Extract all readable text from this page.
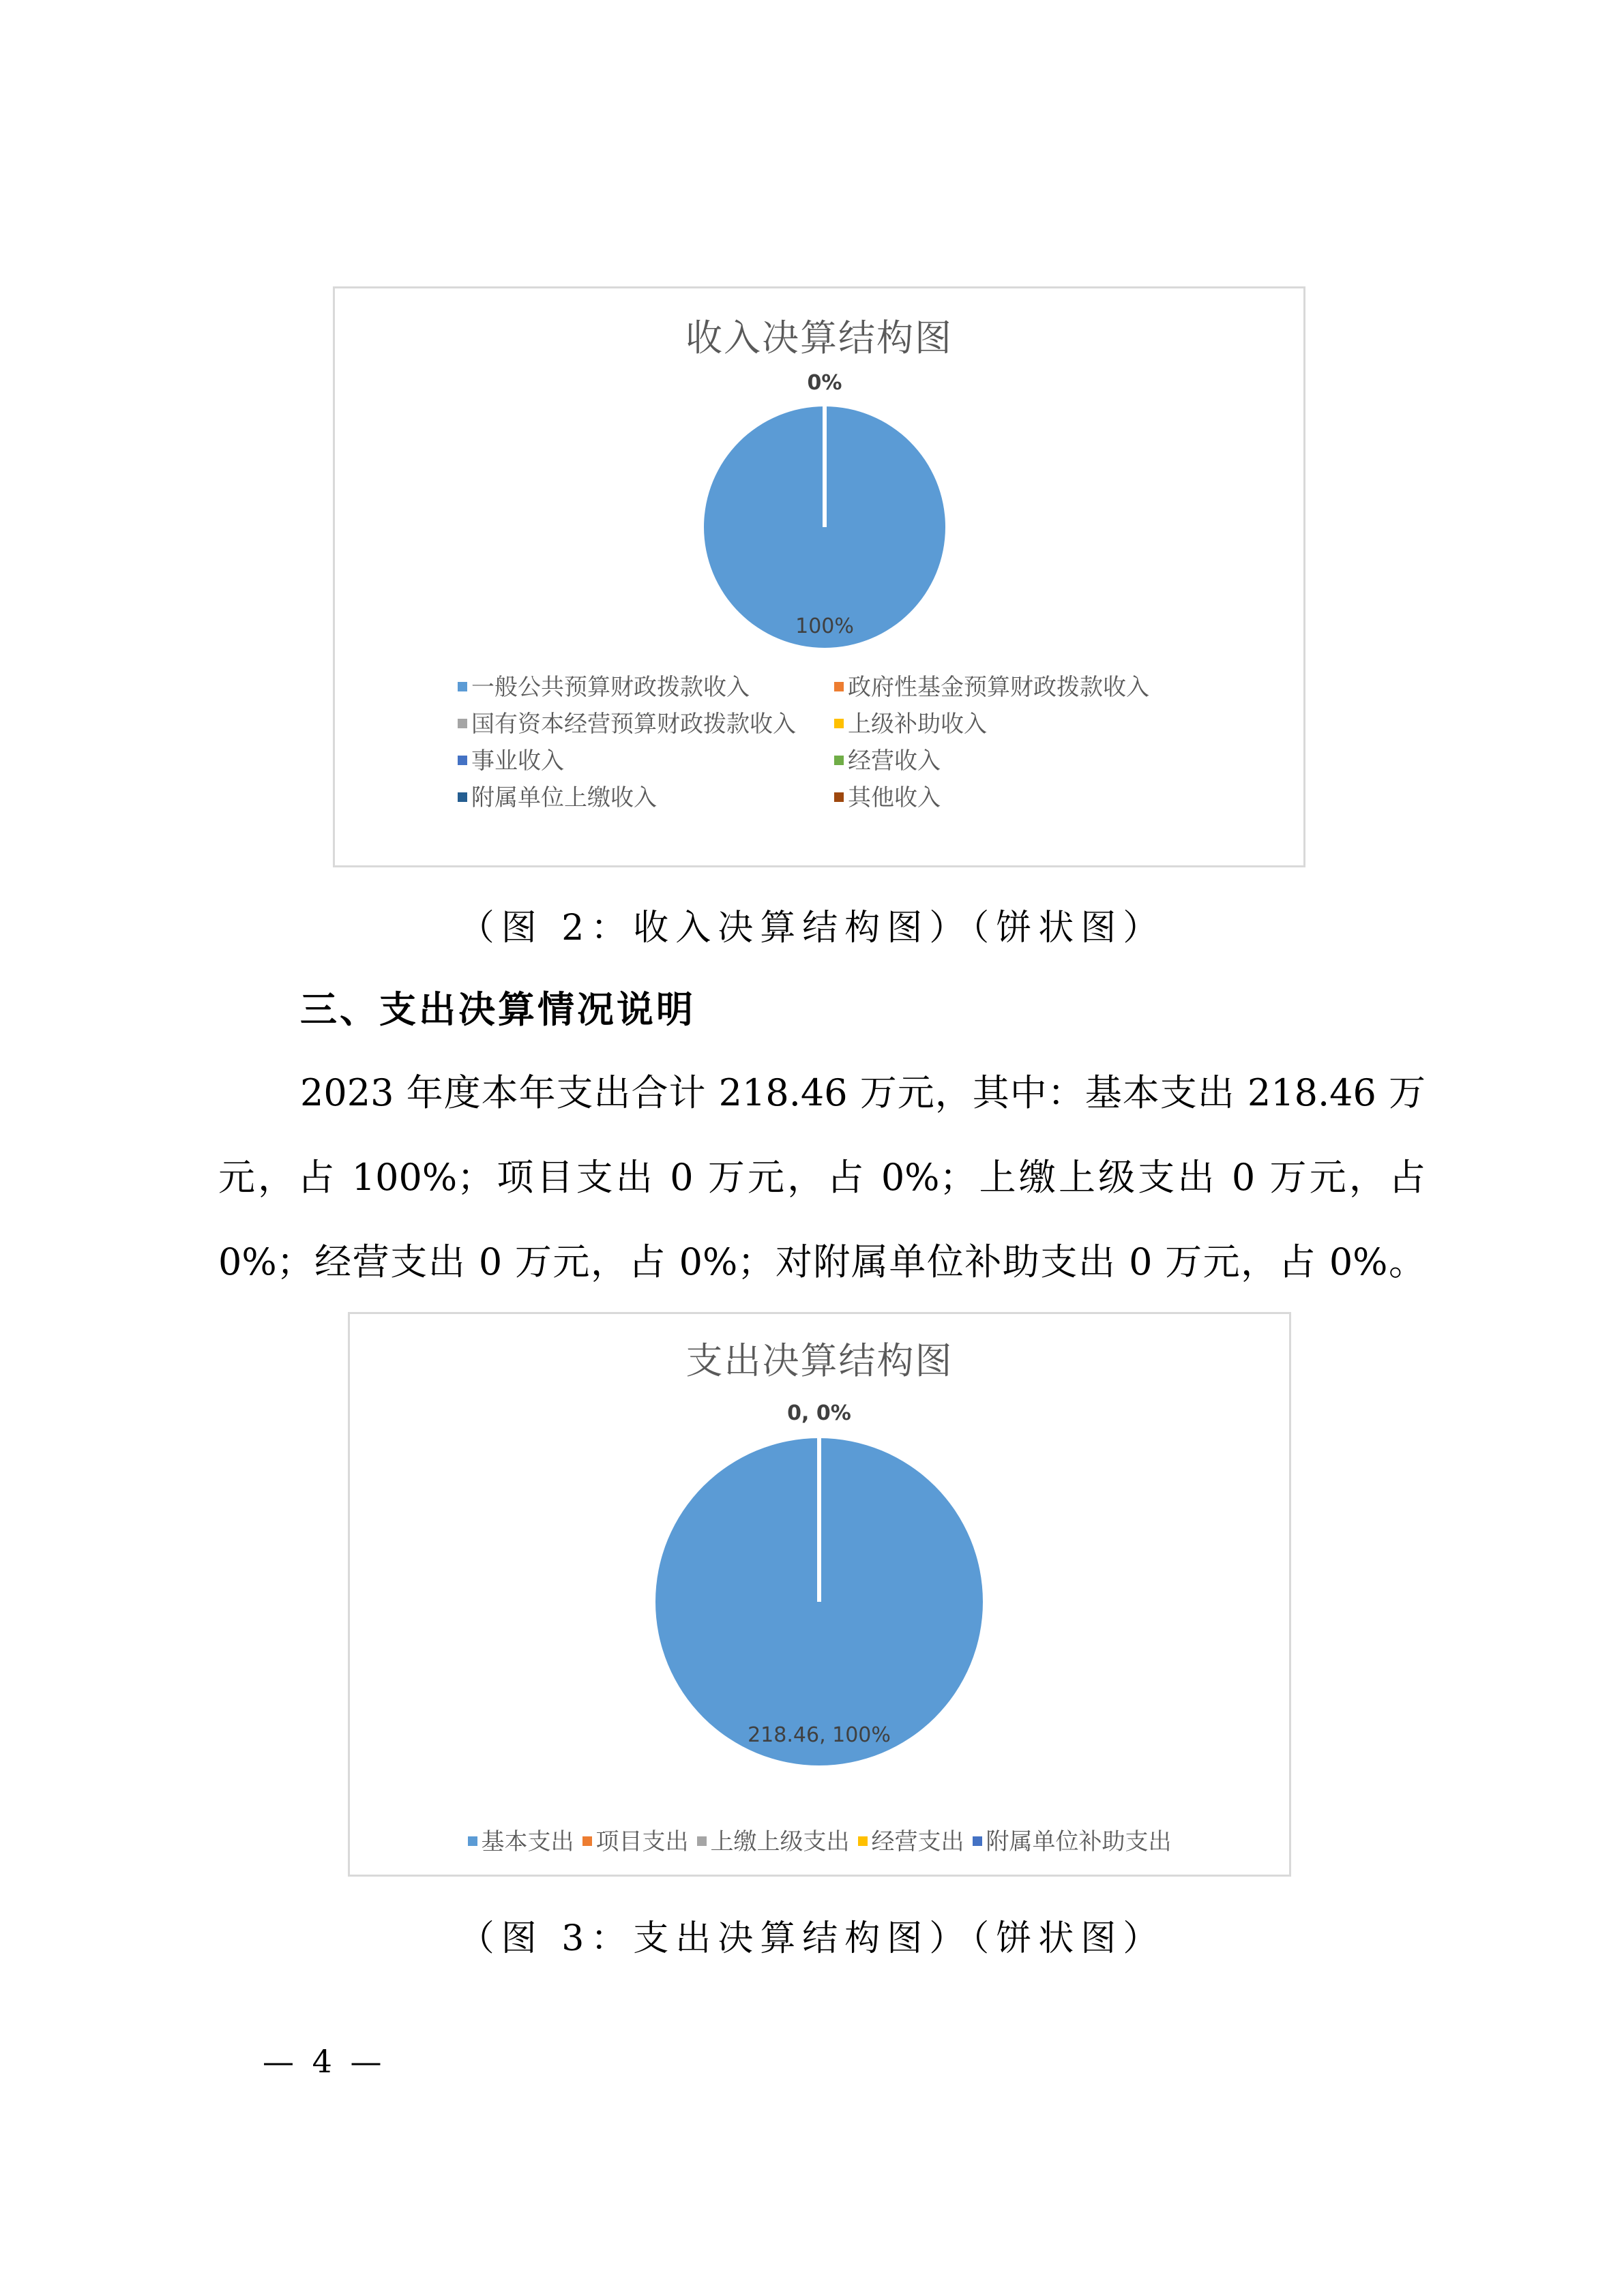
收入决算结构图
0%
100%
一般公共预算财政拨款收入	政府性基金预算财政拨款收入
国有资本经营预算财政拨款收入	上级补助收入
事业收入	经营收入
附属单位上缴收入	其他收入
（图 2：收入决算结构图）（饼状图）
三、支出决算情况说明
2023 年度本年支出合计 218.46 万元，其中：基本支出 218.46 万
元，占 100%；项目支出 0 万元，占 0%；上缴上级支出 0 万元，占
0%；经营支出 0 万元，占 0%；对附属单位补助支出 0 万元，占 0%。
支出决算结构图
0, 0%
218.46, 100%
基本支出 项目支出 上缴上级支出 经营支出 附属单位补助支出
（图 3：支出决算结构图）（饼状图）
— 4 —
